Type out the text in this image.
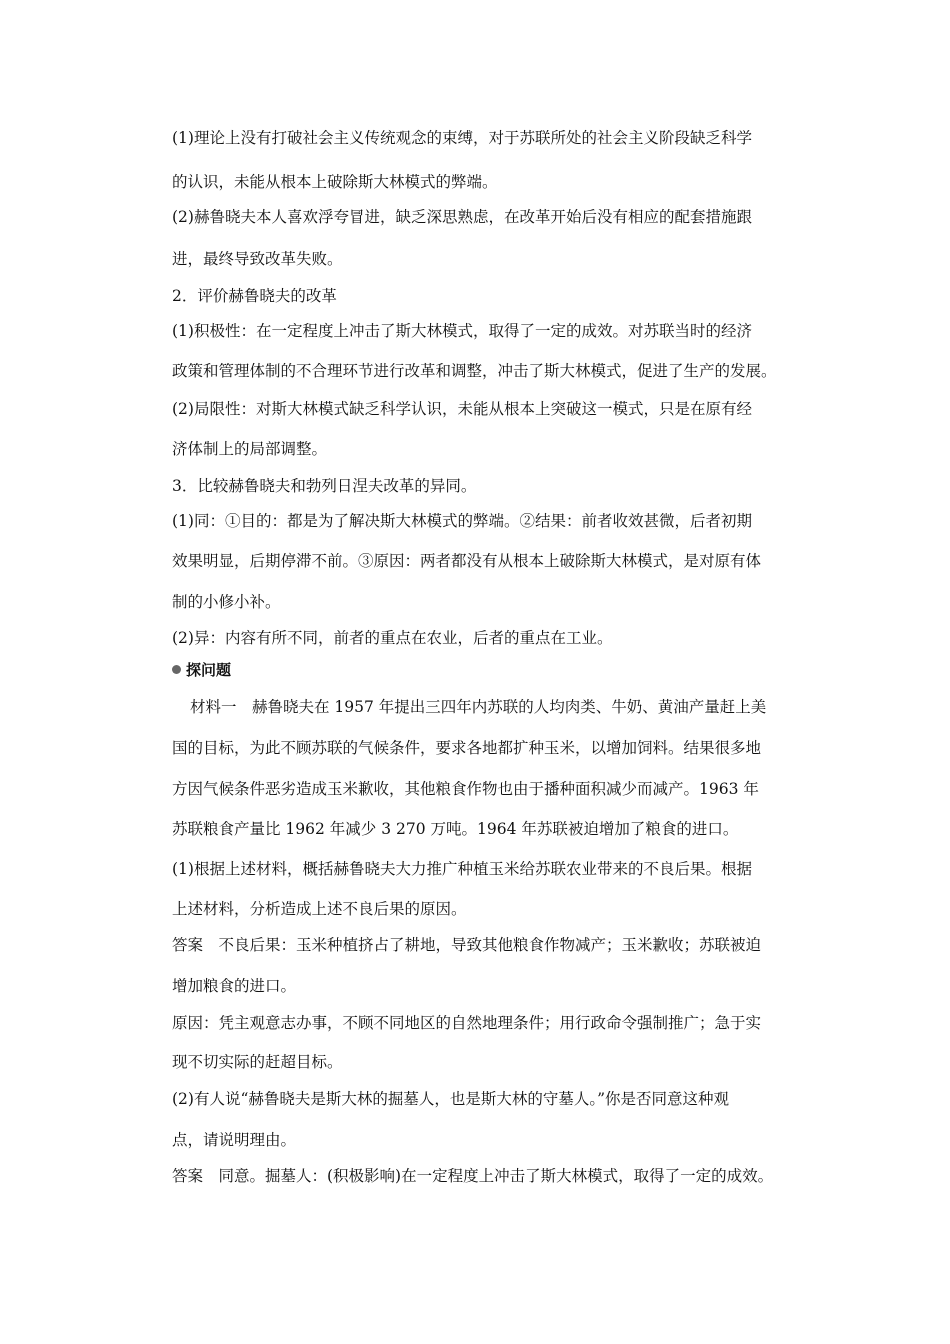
(1)理论上没有打破社会主义传统观念的束缚，对于苏联所处的社会主义阶段缺乏科学
的认识，未能从根本上破除斯大林模式的弊端。
(2)赫鲁晓夫本人喜欢浮夸冒进，缺乏深思熟虑，在改革开始后没有相应的配套措施跟
进，最终导致改革失败。
2．评价赫鲁晓夫的改革
(1)积极性：在一定程度上冲击了斯大林模式，取得了一定的成效。对苏联当时的经济
政策和管理体制的不合理环节进行改革和调整，冲击了斯大林模式，促进了生产的发展。
(2)局限性：对斯大林模式缺乏科学认识，未能从根本上突破这一模式，只是在原有经
济体制上的局部调整。
3．比较赫鲁晓夫和勃列日涅夫改革的异同。
(1)同：①目的：都是为了解决斯大林模式的弊端。②结果：前者收效甚微，后者初期
效果明显，后期停滞不前。③原因：两者都没有从根本上破除斯大林模式，是对原有体
制的小修小补。
(2)异：内容有所不同，前者的重点在农业，后者的重点在工业。
探问题
材料一　赫鲁晓夫在 1957 年提出三四年内苏联的人均肉类、牛奶、黄油产量赶上美
国的目标，为此不顾苏联的气候条件，要求各地都扩种玉米，以增加饲料。结果很多地
方因气候条件恶劣造成玉米歉收，其他粮食作物也由于播种面积减少而减产。1963 年
苏联粮食产量比 1962 年减少 3 270 万吨。1964 年苏联被迫增加了粮食的进口。
(1)根据上述材料，概括赫鲁晓夫大力推广种植玉米给苏联农业带来的不良后果。根据
上述材料，分析造成上述不良后果的原因。
答案　不良后果：玉米种植挤占了耕地，导致其他粮食作物减产；玉米歉收；苏联被迫
增加粮食的进口。
原因：凭主观意志办事，不顾不同地区的自然地理条件；用行政命令强制推广；急于实
现不切实际的赶超目标。
(2)有人说“赫鲁晓夫是斯大林的掘墓人，也是斯大林的守墓人。”你是否同意这种观
点，请说明理由。
答案　同意。掘墓人：(积极影响)在一定程度上冲击了斯大林模式，取得了一定的成效。
